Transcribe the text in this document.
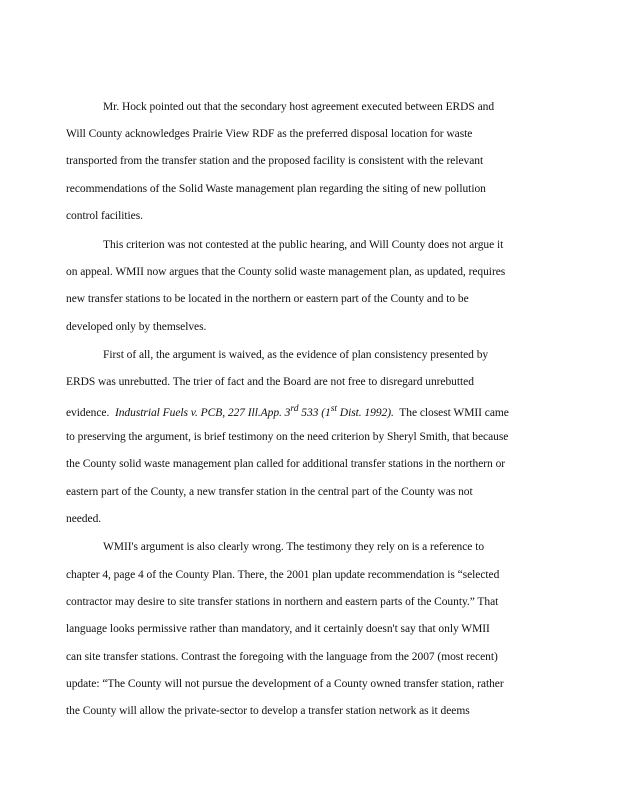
Mr. Hock pointed out that the secondary host agreement executed between ERDS and
Will County acknowledges Prairie View RDF as the preferred disposal location for waste
transported from the transfer station and the proposed facility is consistent with the relevant
recommendations of the Solid Waste management plan regarding the siting of new pollution
control facilities.
This criterion was not contested at the public hearing, and Will County does not argue it
on appeal. WMII now argues that the County solid waste management plan, as updated, requires
new transfer stations to be located in the northern or eastern part of the County and to be
developed only by themselves.
First of all, the argument is waived, as the evidence of plan consistency presented by
ERDS was unrebutted. The trier of fact and the Board are not free to disregard unrebutted
evidence. Industrial Fuels v. PCB, 227 Ill.App. 3rd 533 (1st Dist. 1992). The closest WMII came
to preserving the argument, is brief testimony on the need criterion by Sheryl Smith, that because
the County solid waste management plan called for additional transfer stations in the northern or
eastern part of the County, a new transfer station in the central part of the County was not
needed.
WMII's argument is also clearly wrong. The testimony they rely on is a reference to
chapter 4, page 4 of the County Plan. There, the 2001 plan update recommendation is “selected
contractor may desire to site transfer stations in northern and eastern parts of the County.” That
language looks permissive rather than mandatory, and it certainly doesn't say that only WMII
can site transfer stations. Contrast the foregoing with the language from the 2007 (most recent)
update: “The County will not pursue the development of a County owned transfer station, rather
the County will allow the private-sector to develop a transfer station network as it deems
